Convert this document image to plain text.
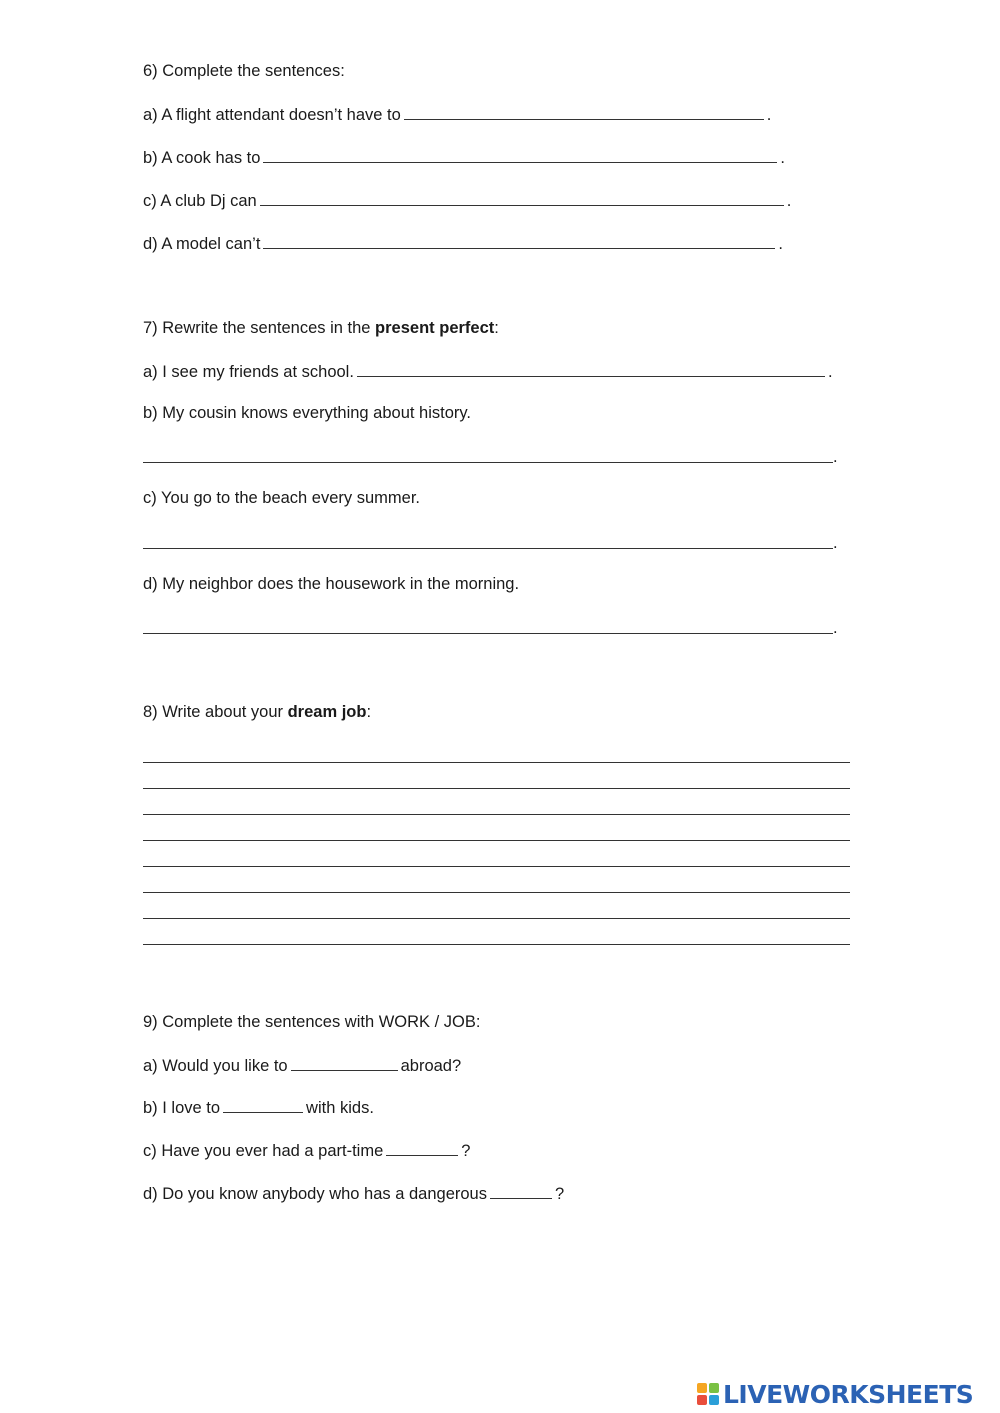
6) Complete the sentences:
a) A flight attendant doesn’t have to	.
b) A cook has to	.
c) A club Dj can	.
d) A model can’t	.
7) Rewrite the sentences in the present perfect:
a) I see my friends at school.	.
b) My cousin knows everything about history.
.
c) You go to the beach every summer.
.
d) My neighbor does the housework in the morning.
.
8) Write about your dream job:
9) Complete the sentences with WORK / JOB:
a) Would you like to	abroad?
b) I love to	with kids.
c) Have you ever had a part-time	?
d) Do you know anybody who has a dangerous	?
LIVEWORKSHEETS
